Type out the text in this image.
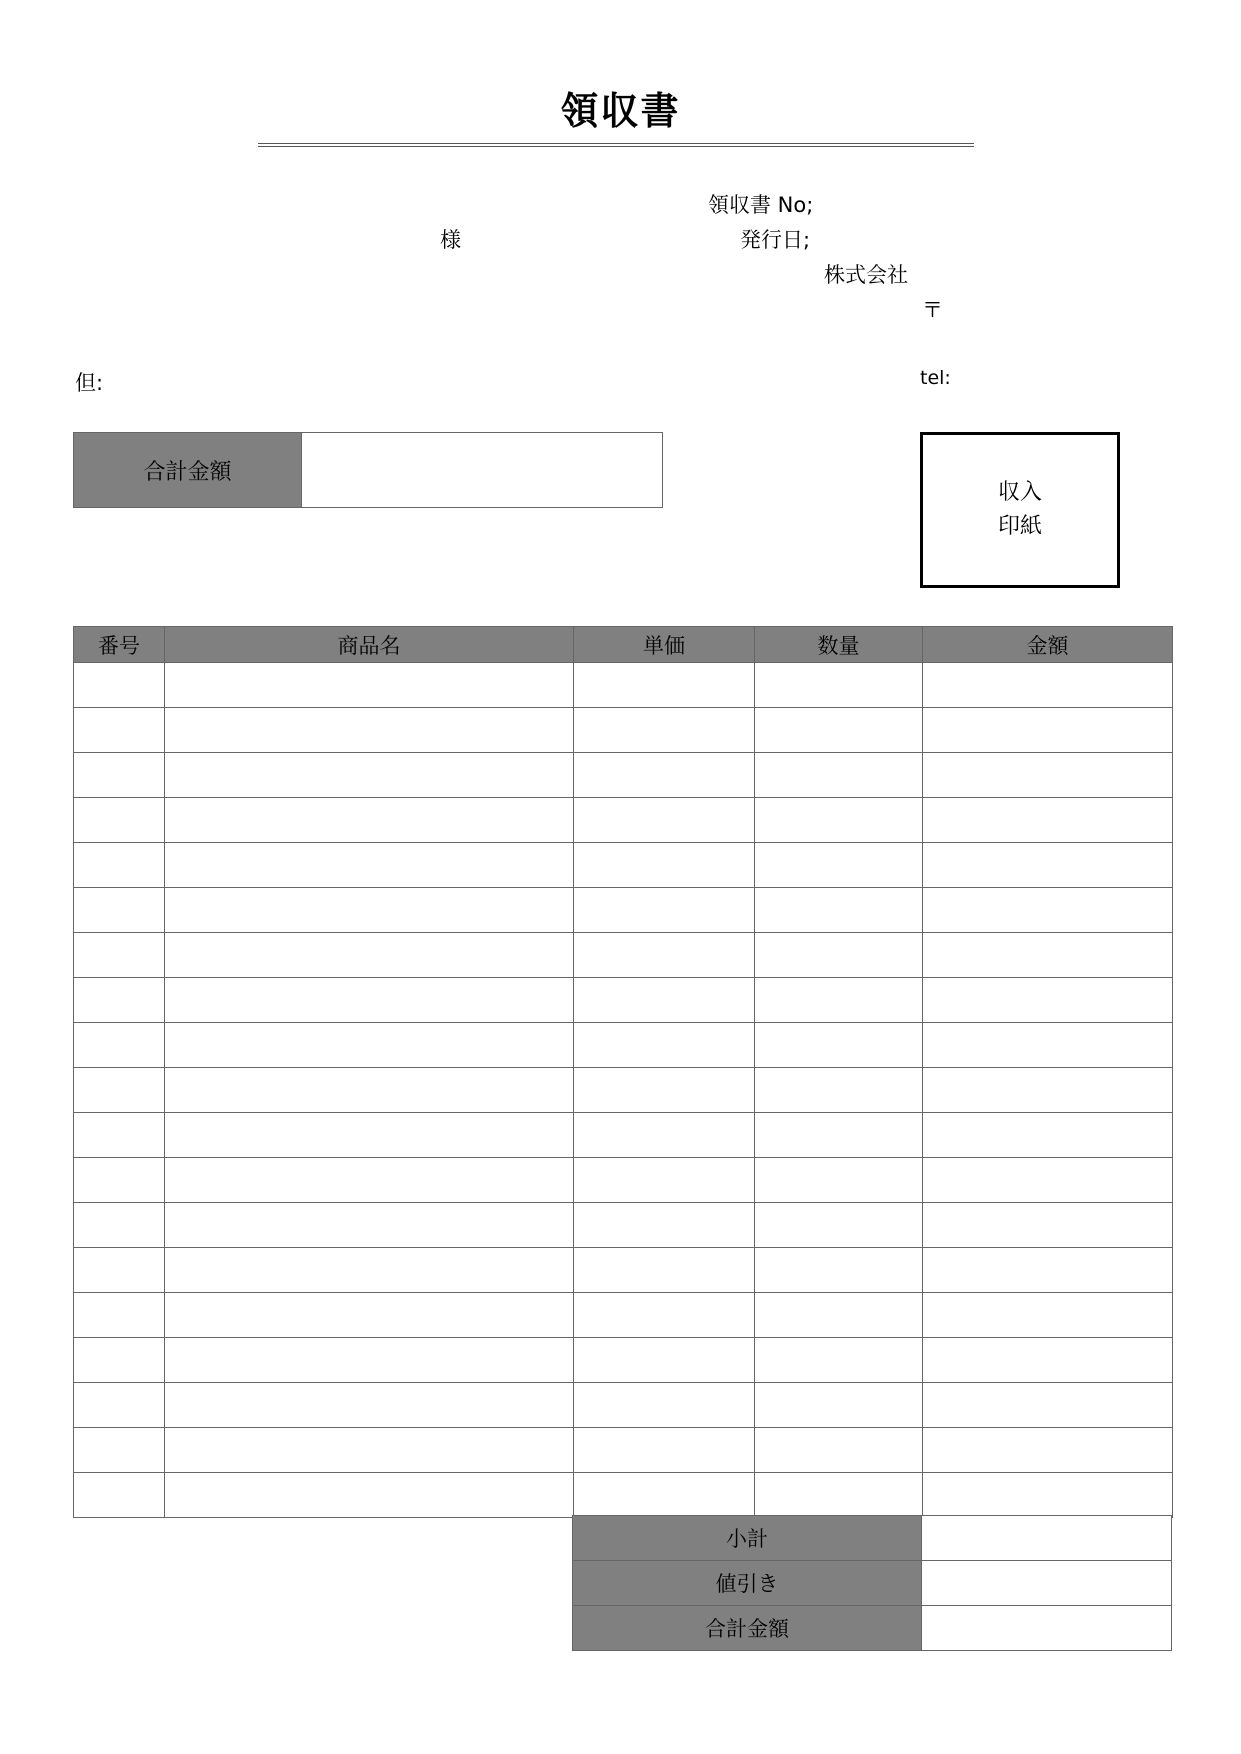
領収書
様
領収書 No;
発行日;
株式会社
〒
但:	tel:
合計金額
収入
印紙
番号	商品名	単価	数量	金額

小計	
値引き	
合計金額	
